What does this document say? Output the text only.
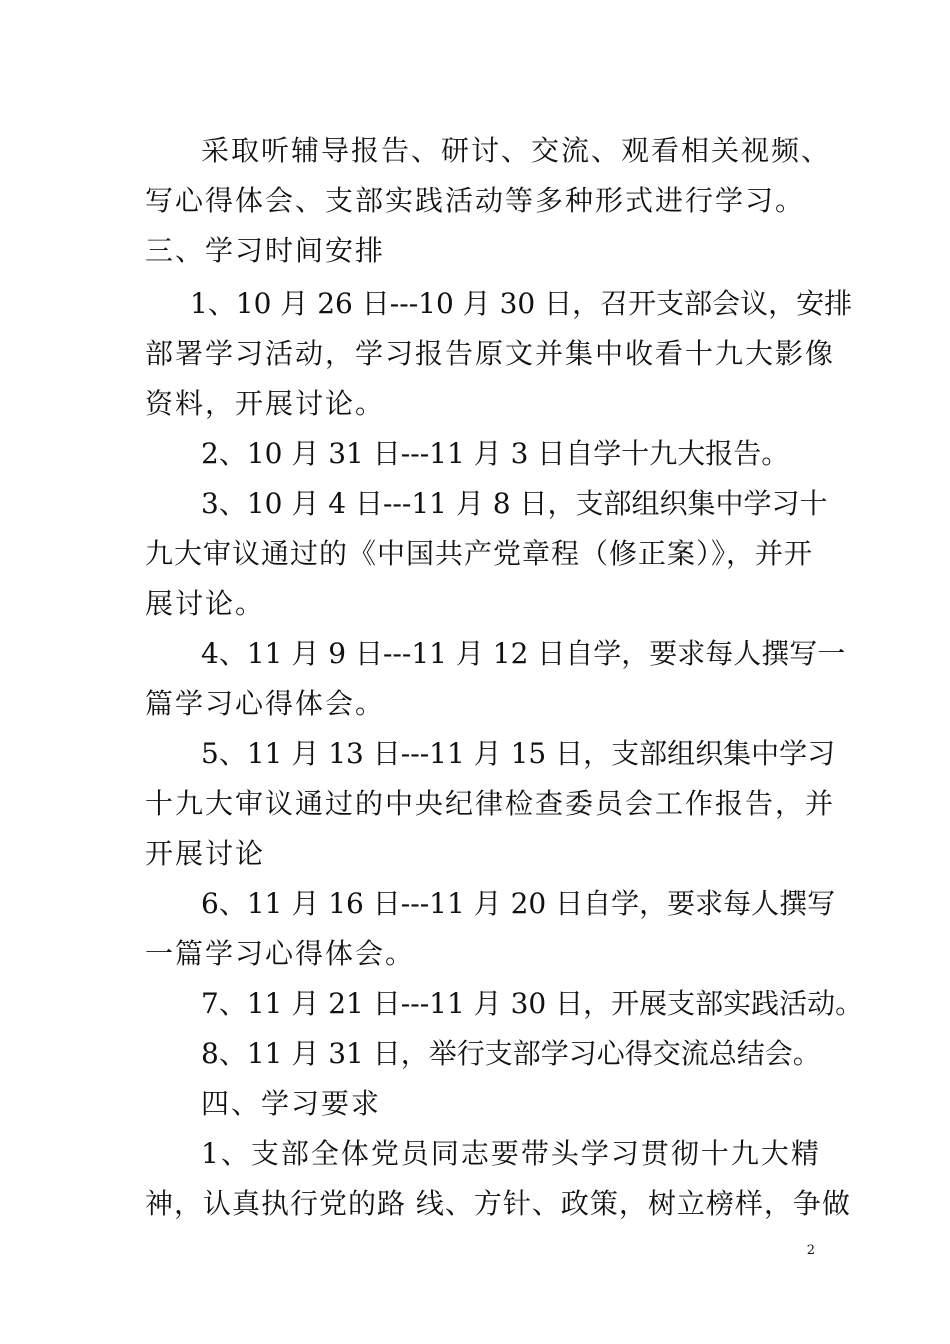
采取听辅导报告、研讨、交流、观看相关视频、
写心得体会、支部实践活动等多种形式进行学习。
三、学习时间安排
1、10 月 26 日---10 月 30 日，召开支部会议，安排
部署学习活动，学习报告原文并集中收看十九大影像
资料，开展讨论。
2、10 月 31 日---11 月 3 日自学十九大报告。
3、10 月 4 日---11 月 8 日，支部组织集中学习十
九大审议通过的《中国共产党章程（修正案）》，并开
展讨论。
4、11 月 9 日---11 月 12 日自学，要求每人撰写一
篇学习心得体会。
5、11 月 13 日---11 月 15 日，支部组织集中学习
十九大审议通过的中央纪律检查委员会工作报告，并
开展讨论
6、11 月 16 日---11 月 20 日自学，要求每人撰写
一篇学习心得体会。
7、11 月 21 日---11 月 30 日，开展支部实践活动。
8、11 月 31 日，举行支部学习心得交流总结会。
四、学习要求
1、支部全体党员同志要带头学习贯彻十九大精
神，认真执行党的路 线、方针、政策，树立榜样，争做
2
